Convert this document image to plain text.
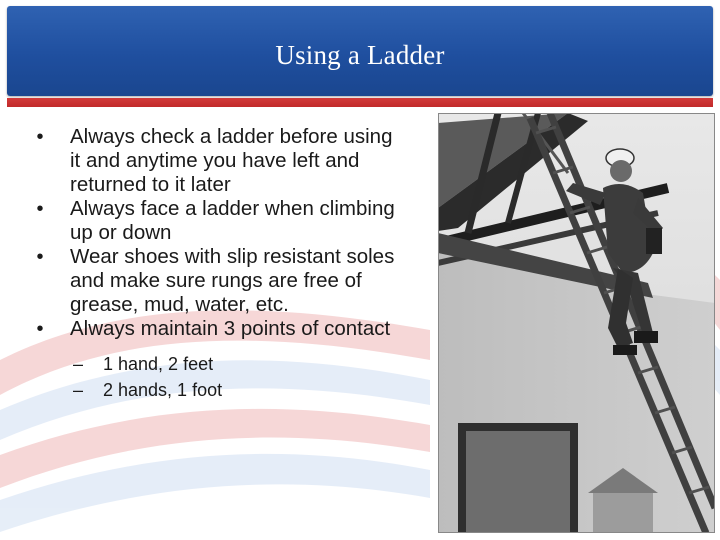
Using a Ladder
•	Always check a ladder before using it and anytime you have left and returned to it later
•	Always face a ladder when climbing up or down
•	Wear shoes with slip resistant soles and make sure rungs are free of grease, mud, water, etc.
•	Always maintain 3 points of contact
– 1 hand, 2 feet
– 2 hands, 1 foot
